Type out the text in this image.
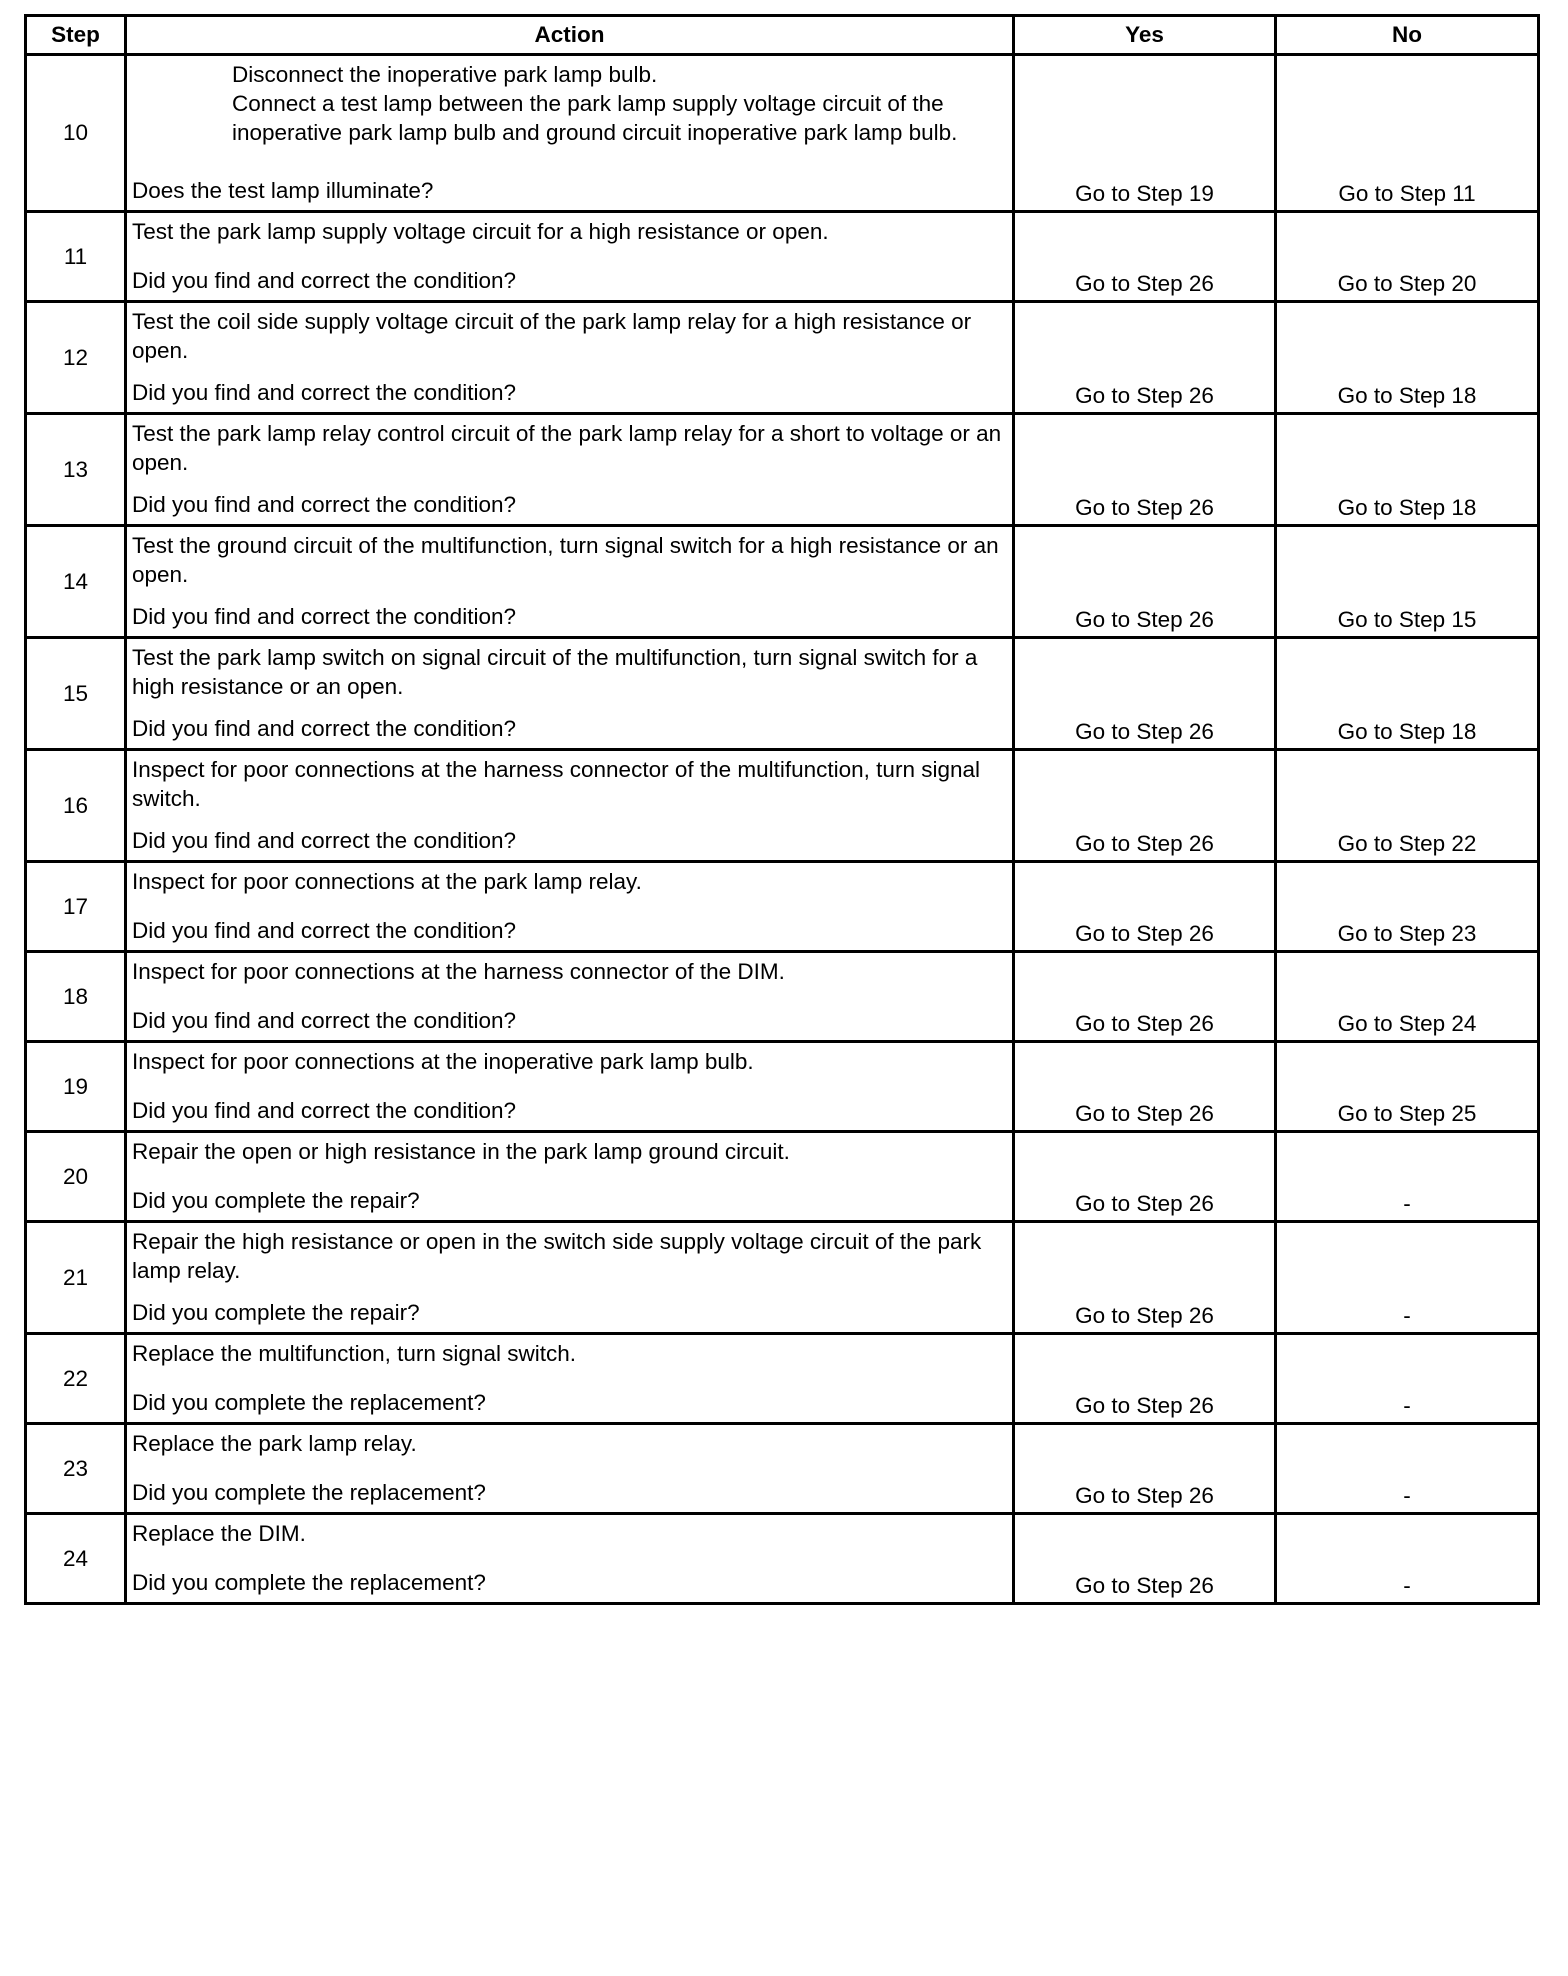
Step	Action	Yes	No
10	Disconnect the inoperative park lamp bulb.
Connect a test lamp between the park lamp supply voltage circuit of the inoperative park lamp bulb and ground circuit inoperative park lamp bulb.
Does the test lamp illuminate?	Go to Step 19	Go to Step 11

11	Test the park lamp supply voltage circuit for a high resistance or open.
Did you find and correct the condition?	Go to Step 26	Go to Step 20

12	Test the coil side supply voltage circuit of the park lamp relay for a high resistance or open.
Did you find and correct the condition?	Go to Step 26	Go to Step 18

13	Test the park lamp relay control circuit of the park lamp relay for a short to voltage or an open.
Did you find and correct the condition?	Go to Step 26	Go to Step 18

14	Test the ground circuit of the multifunction, turn signal switch for a high resistance or an open.
Did you find and correct the condition?	Go to Step 26	Go to Step 15

15	Test the park lamp switch on signal circuit of the multifunction, turn signal switch for a high resistance or an open.
Did you find and correct the condition?	Go to Step 26	Go to Step 18

16	Inspect for poor connections at the harness connector of the multifunction, turn signal switch.
Did you find and correct the condition?	Go to Step 26	Go to Step 22

17	Inspect for poor connections at the park lamp relay.
Did you find and correct the condition?	Go to Step 26	Go to Step 23

18	Inspect for poor connections at the harness connector of the DIM.
Did you find and correct the condition?	Go to Step 26	Go to Step 24

19	Inspect for poor connections at the inoperative park lamp bulb.
Did you find and correct the condition?	Go to Step 26	Go to Step 25

20	Repair the open or high resistance in the park lamp ground circuit.
Did you complete the repair?	Go to Step 26	-

21	Repair the high resistance or open in the switch side supply voltage circuit of the park lamp relay.
Did you complete the repair?	Go to Step 26	-

22	Replace the multifunction, turn signal switch.
Did you complete the replacement?	Go to Step 26	-

23	Replace the park lamp relay.
Did you complete the replacement?	Go to Step 26	-

24	Replace the DIM.
Did you complete the replacement?	Go to Step 26	-
